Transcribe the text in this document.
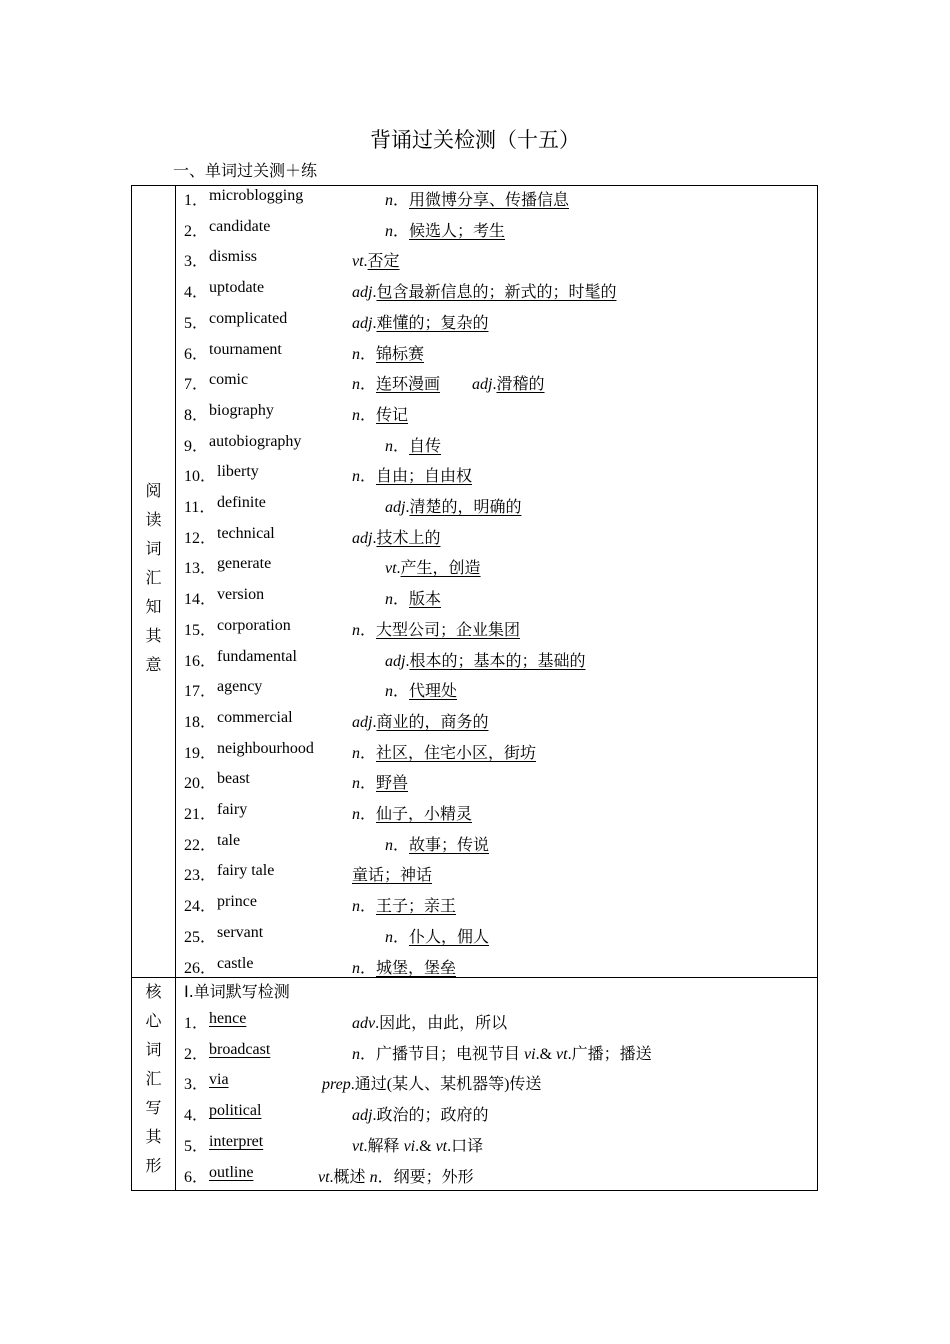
背诵过关检测（十五）
一、单词过关测＋练
阅
读
词
汇
知
其
意
核
心
词
汇
写
其
形
1． microblogging	n．用微博分享、传播信息
2． candidate	n．候选人；考生
3． dismiss	vt.否定
4． uptodate	adj.包含最新信息的；新式的；时髦的
5． complicated	adj.难懂的；复杂的
6． tournament	n．锦标赛
7． comic	n．连环漫画   adj.滑稽的
8． biography	n．传记
9． autobiography	n．自传
10． liberty	n．自由；自由权
11． definite	adj.清楚的，明确的
12． technical	adj.技术上的
13． generate	vt.产生，创造
14． version	n．版本
15． corporation	n．大型公司；企业集团
16． fundamental	adj.根本的；基本的；基础的
17． agency	n．代理处
18． commercial	adj.商业的，商务的
19． neighbourhood n．社区，住宅小区，街坊
20． beast	n．野兽
21． fairy	n．仙子，小精灵
22． tale	n．故事；传说
23． fairy tale	童话；神话
24． prince	n．王子；亲王
25． servant	n．仆人，佣人
26． castle	n．城堡，堡垒
I.单词默写检测
1． hence	adv.因此，由此，所以
2． broadcast	n．广播节目；电视节目 vi.& vt.广播；播送
3． via	prep.通过(某人、某机器等)传送
4． political	adj.政治的；政府的
5． interpret	vt.解释 vi.& vt.口译
6． outline	vt.概述 n．纲要；外形
